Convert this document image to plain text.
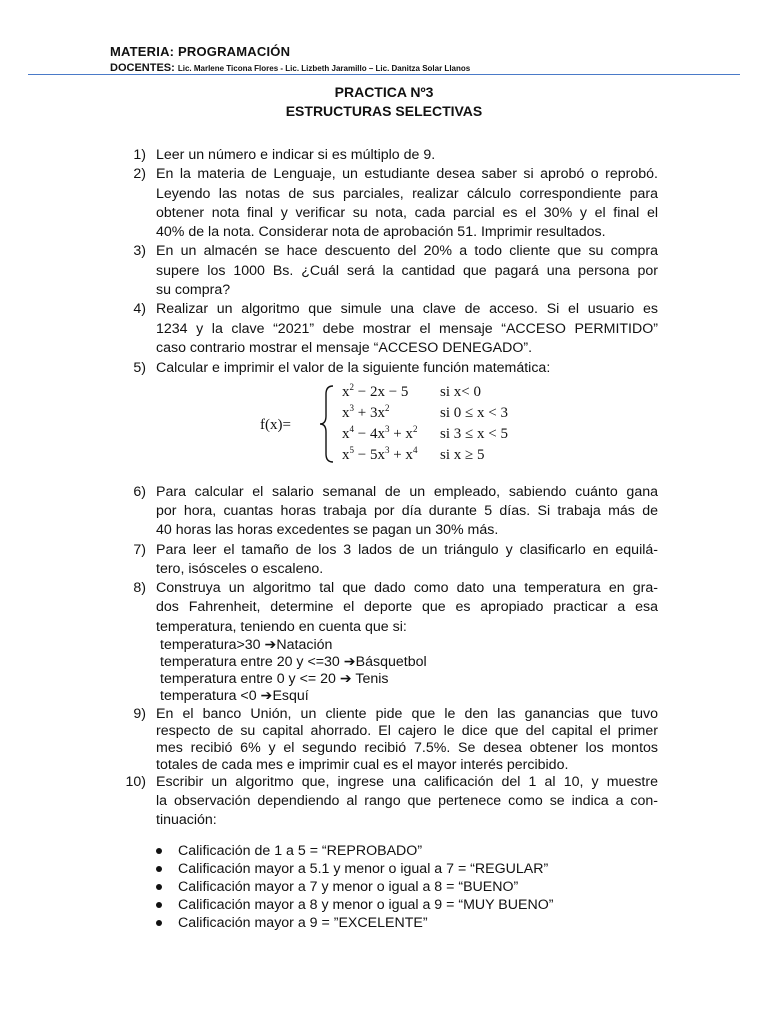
MATERIA: PROGRAMACIÓN
DOCENTES: Lic. Marlene Ticona Flores - Lic. Lizbeth Jaramillo – Lic. Danitza Solar Llanos
PRACTICA Nº3
ESTRUCTURAS SELECTIVAS
1) Leer un número e indicar si es múltiplo de 9.
2) En la materia de Lenguaje, un estudiante desea saber si aprobó o reprobó.
Leyendo las notas de sus parciales, realizar cálculo correspondiente para
obtener nota final y verificar su nota, cada parcial es el 30% y el final el
40% de la nota. Considerar nota de aprobación 51. Imprimir resultados.
3) En un almacén se hace descuento del 20% a todo cliente que su compra
supere los 1000 Bs. ¿Cuál será la cantidad que pagará una persona por
su compra?
4) Realizar un algoritmo que simule una clave de acceso. Si el usuario es
1234 y la clave “2021” debe mostrar el mensaje “ACCESO PERMITIDO”
caso contrario mostrar el mensaje “ACCESO DENEGADO”.
5) Calcular e imprimir el valor de la siguiente función matemática:
f(x)=
$x^2 - 2x - 5$ si x< 0
$x^3 + 3x^2$	si 0 ≤ x < 3
$x^4 - 4x^3 + x^2$ si 3 ≤ x < 5
$x^5 - 5x^3 + x^4$ si x ≥ 5
6) Para calcular el salario semanal de un empleado, sabiendo cuánto gana
por hora, cuantas horas trabaja por día durante 5 días. Si trabaja más de
40 horas las horas excedentes se pagan un 30% más.
7) Para leer el tamaño de los 3 lados de un triángulo y clasificarlo en equilá-
tero, isósceles o escaleno.
8) Construya un algoritmo tal que dado como dato una temperatura en gra-
dos Fahrenheit, determine el deporte que es apropiado practicar a esa
temperatura, teniendo en cuenta que si:
temperatura>30 ➔Natación
temperatura entre 20 y <=30 ➔Básquetbol
temperatura entre 0 y <= 20 ➔ Tenis
temperatura <0 ➔Esquí
9) En el banco Unión, un cliente pide que le den las ganancias que tuvo
respecto de su capital ahorrado. El cajero le dice que del capital el primer
mes recibió 6% y el segundo recibió 7.5%. Se desea obtener los montos
totales de cada mes e imprimir cual es el mayor interés percibido.
10) Escribir un algoritmo que, ingrese una calificación del 1 al 10, y muestre
la observación dependiendo al rango que pertenece como se indica a con-
tinuación:
Calificación de 1 a 5 = “REPROBADO”
Calificación mayor a 5.1 y menor o igual a 7 = “REGULAR”
Calificación mayor a 7 y menor o igual a 8 = “BUENO”
Calificación mayor a 8 y menor o igual a 9 = “MUY BUENO”
Calificación mayor a 9 = ”EXCELENTE”
